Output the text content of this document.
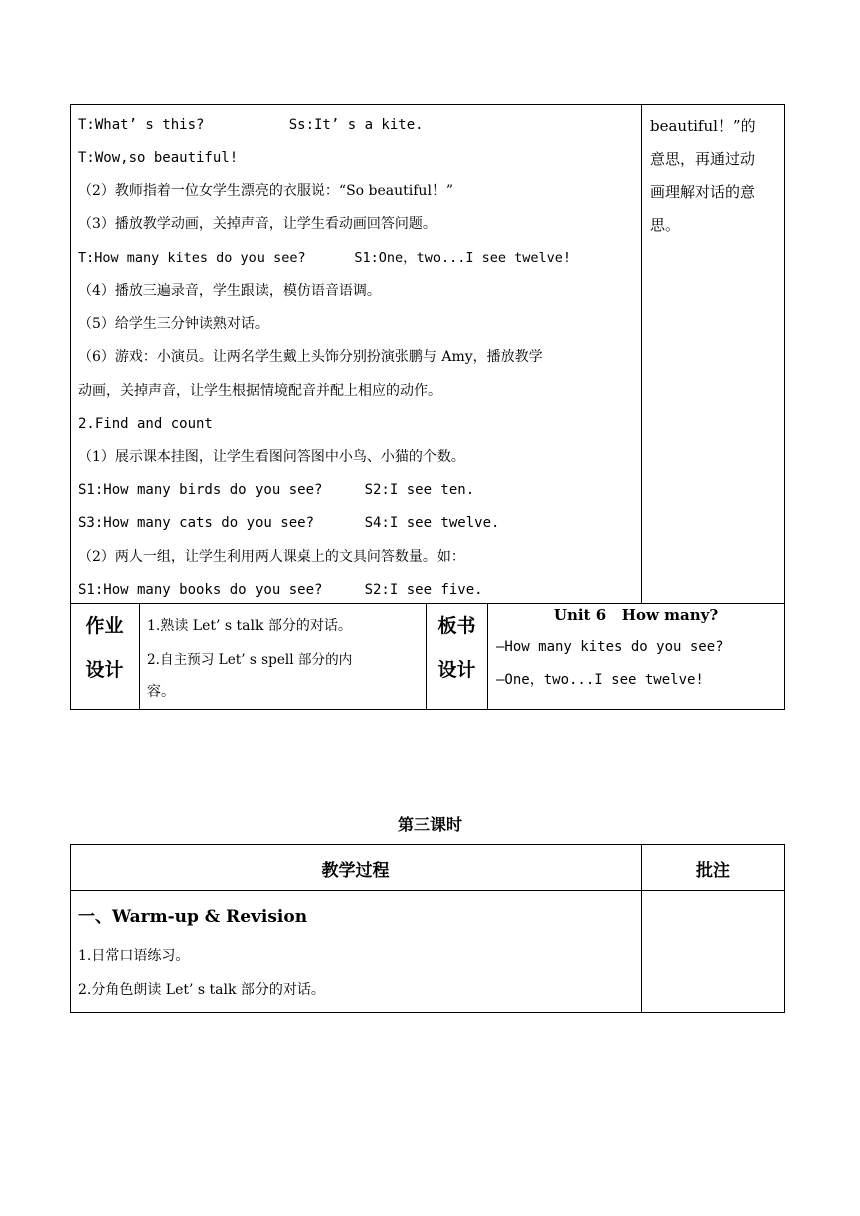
T:What’ s this?          Ss:It’ s a kite.
T:Wow,so beautiful!
（2）教师指着一位女学生漂亮的衣服说：“So beautiful！”
（3）播放教学动画，关掉声音，让学生看动画回答问题。
T:How many kites do you see?      S1:One，two...I see twelve!
（4）播放三遍录音，学生跟读，模仿语音语调。
（5）给学生三分钟读熟对话。
（6）游戏：小演员。让两名学生戴上头饰分别扮演张鹏与 Amy，播放教学
动画，关掉声音，让学生根据情境配音并配上相应的动作。
2.Find and count
（1）展示课本挂图，让学生看图问答图中小鸟、小猫的个数。
S1:How many birds do you see?     S2:I see ten.
S3:How many cats do you see?      S4:I see twelve.
（2）两人一组，让学生利用两人课桌上的文具问答数量。如：
S1:How many books do you see?     S2:I see five.
beautiful！”的
意思，再通过动
画理解对话的意
思。
作业
设计
1.熟读 Let’ s talk 部分的对话。
2.自主预习 Let’ s spell 部分的内
容。
板书
设计
Unit 6   How many?
—How many kites do you see?
—One，two...I see twelve!
第三课时
教学过程	批注
一、Warm-up & Revision
1.日常口语练习。
2.分角色朗读 Let’ s talk 部分的对话。
